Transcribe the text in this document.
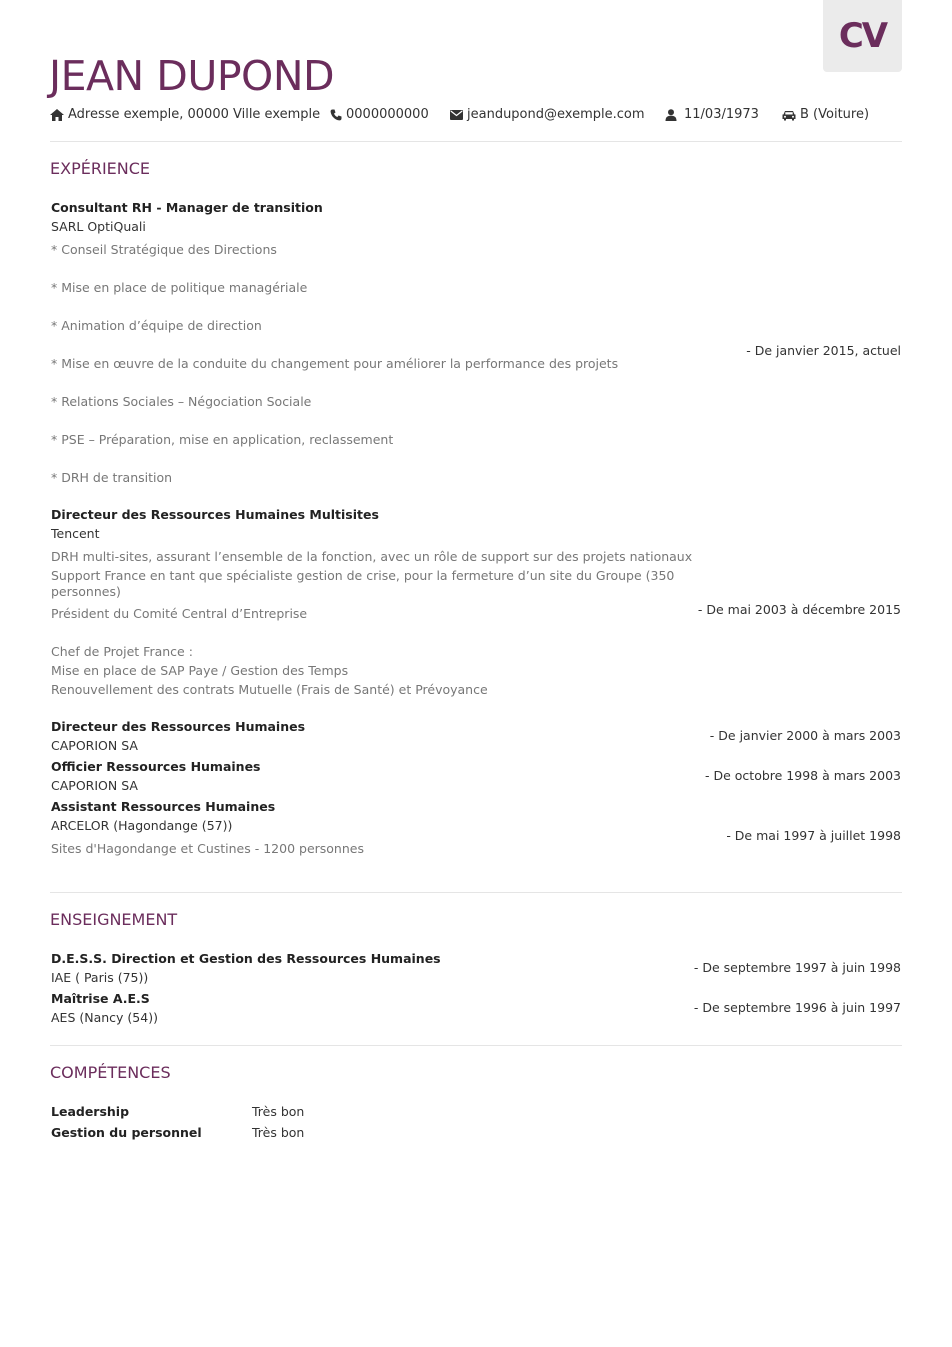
CV
JEAN DUPOND
Adresse exemple, 00000 Ville exemple 0000000000	jeandupond@exemple.com	11/03/1973	B (Voiture)
EXPÉRIENCE
Consultant RH - Manager de transition
SARL OptiQuali
* Conseil Stratégique des Directions
* Mise en place de politique managériale
* Animation d’équipe de direction
* Mise en œuvre de la conduite du changement pour améliorer la performance des projets
* Relations Sociales – Négociation Sociale
* PSE – Préparation, mise en application, reclassement
* DRH de transition
- De janvier 2015, actuel
Directeur des Ressources Humaines Multisites
Tencent
DRH multi-sites, assurant l’ensemble de la fonction, avec un rôle de support sur des projets nationaux
Support France en tant que spécialiste gestion de crise, pour la fermeture d’un site du Groupe (350 personnes)
Président du Comité Central d’Entreprise
Chef de Projet France :
Mise en place de SAP Paye / Gestion des Temps
Renouvellement des contrats Mutuelle (Frais de Santé) et Prévoyance
- De mai 2003 à décembre 2015
Directeur des Ressources Humaines
CAPORION SA
- De janvier 2000 à mars 2003
Officier Ressources Humaines
CAPORION SA
- De octobre 1998 à mars 2003
Assistant Ressources Humaines
ARCELOR (Hagondange (57))
Sites d'Hagondange et Custines - 1200 personnes
- De mai 1997 à juillet 1998
ENSEIGNEMENT
D.E.S.S. Direction et Gestion des Ressources Humaines
IAE ( Paris (75))
- De septembre 1997 à juin 1998
Maîtrise A.E.S
AES (Nancy (54))
- De septembre 1996 à juin 1997
COMPÉTENCES
Leadership	Très bon
Gestion du personnel	Très bon
